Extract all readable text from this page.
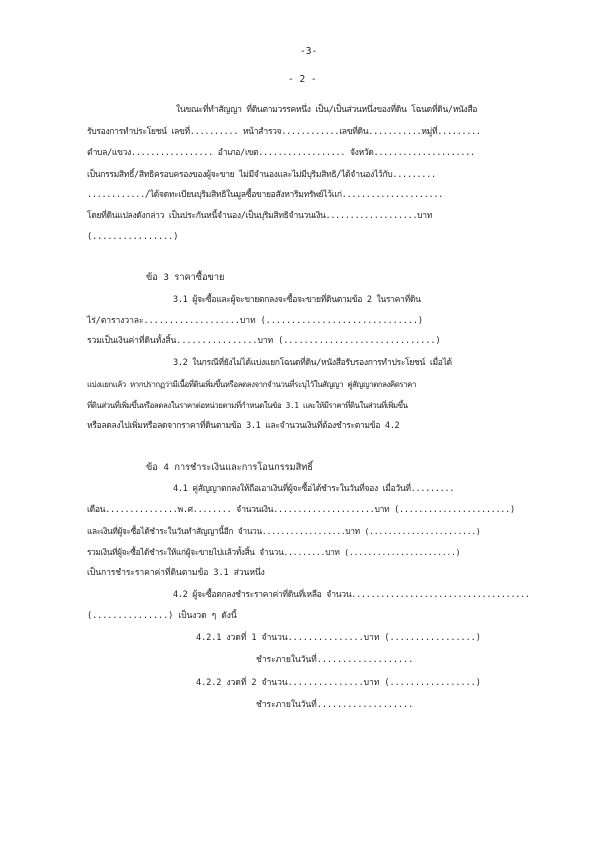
-3-
- 2 -
ในขณะที่ทำสัญญา ที่ดินตามวรรคหนึ่ง เป็น/เป็นส่วนหนึ่งของที่ดิน โฉนดที่ดิน/หนังสือ
รับรองการทำประโยชน์ เลขที่.......... หน้าสำรวจ............เลขที่ดิน...........หมู่ที่.........
ตำบล/แขวง................. อำเภอ/เขต.................. จังหวัด.....................
เป็นกรรมสิทธิ์/สิทธิครอบครองของผู้จะขาย ไม่มีจำนองและไม่มีบุริมสิทธิ/ได้จำนองไว้กับ.........
............/ได้จดทะเบียนบุริมสิทธิในมูลซื้อขายอสังหาริมทรัพย์ไว้แก่.....................
โดยที่ดินแปลงดังกล่าว เป็นประกันหนี้จำนอง/เป็นบุริมสิทธิจำนวนเงิน...................บาท
(................)
ข้อ 3 ราคาซื้อขาย
3.1 ผู้จะซื้อและผู้จะขายตกลงจะซื้อจะขายที่ดินตามข้อ 2 ในราคาที่ดิน
ไร่/ตารางวาละ...................บาท (..............................)
รวมเป็นเงินค่าที่ดินทั้งสิ้น................บาท (..............................)
3.2 ในกรณีที่ยังไม่ได้แบ่งแยกโฉนดที่ดิน/หนังสือรับรองการทำประโยชน์ เมื่อได้
แบ่งแยกแล้ว หากปรากฏว่ามีเนื้อที่ดินเพิ่มขึ้นหรือลดลงจากจำนวนที่ระบุไว้ในสัญญา คู่สัญญาตกลงคิดราคา
ที่ดินส่วนที่เพิ่มขึ้นหรือลดลงในราคาต่อหน่วยตามที่กำหนดในข้อ 3.1 และให้มีราคาที่ดินในส่วนที่เพิ่มขึ้น
หรือลดลงไปเพิ่มหรือลดจากราคาที่ดินตามข้อ 3.1 และจำนวนเงินที่ต้องชำระตามข้อ 4.2
ข้อ 4 การชำระเงินและการโอนกรรมสิทธิ์
4.1 คู่สัญญาตกลงให้ถือเอาเงินที่ผู้จะซื้อได้ชำระในวันที่จอง เมื่อวันที่.........
เดือน...............พ.ศ........ จำนวนเงิน.....................บาท (.......................)
และเงินที่ผู้จะซื้อได้ชำระในวันทำสัญญานี้อีก จำนวน..................บาท (.......................)
รวมเงินที่ผู้จะซื้อได้ชำระให้แก่ผู้จะขายไปแล้วทั้งสิ้น จำนวน.........บาท (.......................)
เป็นการชำระราคาค่าที่ดินตามข้อ 3.1 ส่วนหนึ่ง
4.2 ผู้จะซื้อตกลงชำระราคาค่าที่ดินที่เหลือ จำนวน.....................................
(...............) เป็นงวด ๆ ดังนี้
4.2.1 งวดที่ 1 จำนวน...............บาท (.................)
ชำระภายในวันที่...................
4.2.2 งวดที่ 2 จำนวน...............บาท (.................)
ชำระภายในวันที่...................
